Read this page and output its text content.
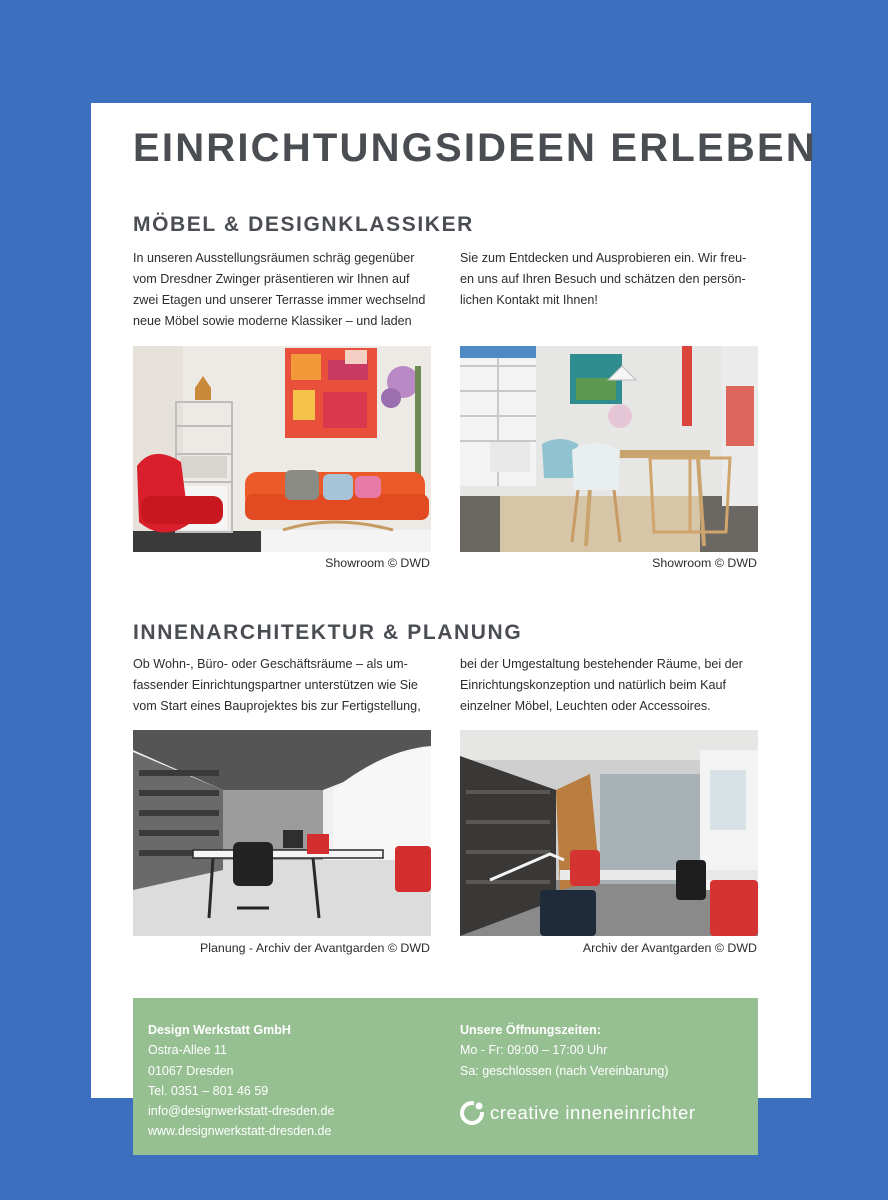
EINRICHTUNGSIDEEN ERLEBEN
MÖBEL & DESIGNKLASSIKER
In unseren Ausstellungsräumen schräg gegenüber
vom Dresdner Zwinger präsentieren wir Ihnen auf
zwei Etagen und unserer Terrasse immer wechselnd
neue Möbel sowie moderne Klassiker – und laden
Sie zum Entdecken und Ausprobieren ein. Wir freu-
en uns auf Ihren Besuch und schätzen den persön-
lichen Kontakt mit Ihnen!
Showroom © DWD	Showroom © DWD
INNENARCHITEKTUR & PLANUNG
Ob Wohn-, Büro- oder Geschäftsräume – als um-
fassender Einrichtungspartner unterstützen wie Sie
vom Start eines Bauprojektes bis zur Fertigstellung,
bei der Umgestaltung bestehender Räume, bei der
Einrichtungskonzeption und natürlich beim Kauf
einzelner Möbel, Leuchten oder Accessoires.
Planung - Archiv der Avantgarden © DWD	Archiv der Avantgarden © DWD
Design Werkstatt GmbH
Ostra-Allee 11
01067 Dresden
Tel. 0351 – 801 46 59
info@designwerkstatt-dresden.de
www.designwerkstatt-dresden.de
Unsere Öffnungszeiten:
Mo - Fr: 09:00 – 17:00 Uhr
Sa: geschlossen (nach Vereinbarung)
creative inneneinrichter
